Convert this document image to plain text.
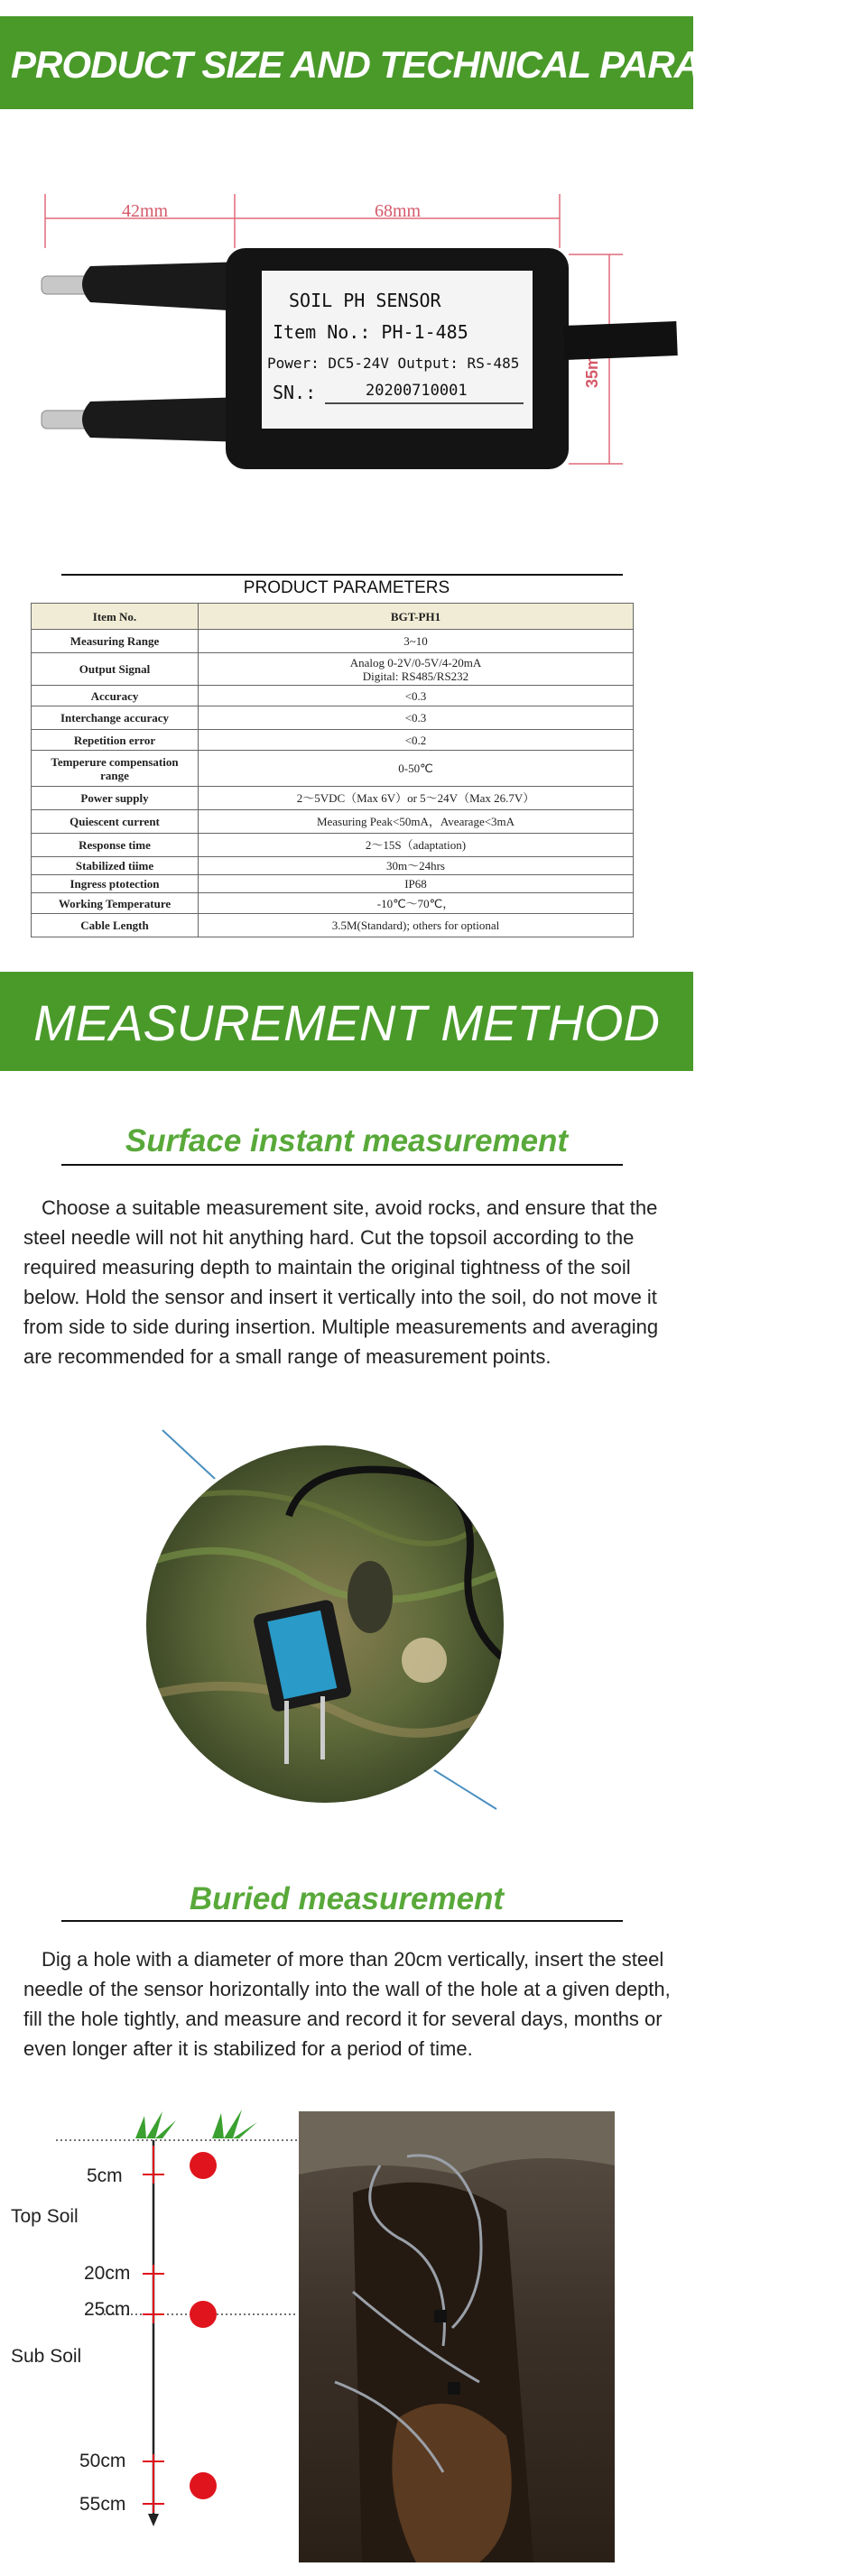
PRODUCT SIZE AND TECHNICAL PARAMETERS
42mm	68mm
35mm
SOIL PH SENSOR
Item No.: PH-1-485
Power: DC5-24V Output: RS-485
SN.:	20200710001
PRODUCT PARAMETERS
Item No.	BGT-PH1
Measuring Range	3~10
Output Signal	Analog 0-2V/0-5V/4-20mA
Digital: RS485/RS232
Accuracy	<0.3
Interchange accuracy	<0.3
Repetition error	<0.2
Temperure compensation
range	0-50℃
Power supply	2～5VDC（Max 6V）or 5～24V（Max 26.7V）
Quiescent current	Measuring Peak<50mA，Avearage<3mA
Response time	2～15S（adaptation)
Stabilized tiime	30m～24hrs
Ingress ptotection	IP68
Working Temperature	-10℃～70℃，
Cable Length	3.5M(Standard); others for optional
MEASUREMENT METHOD
Surface instant measurement
Choose a suitable measurement site, avoid rocks, and ensure that the steel needle will not hit anything hard. Cut the topsoil according to the required measuring depth to maintain the original tightness of the soil below. Hold the sensor and insert it vertically into the soil, do not move it from side to side during insertion. Multiple measurements and averaging are recommended for a small range of measurement points.
Buried measurement
Dig a hole with a diameter of more than 20cm vertically, insert the steel needle of the sensor horizontally into the wall of the hole at a given depth, fill the hole tightly, and measure and record it for several days, months or even longer after it is stabilized for a period of time.
5cm
Top Soil
20cm
25cm
Sub Soil
50cm
55cm
